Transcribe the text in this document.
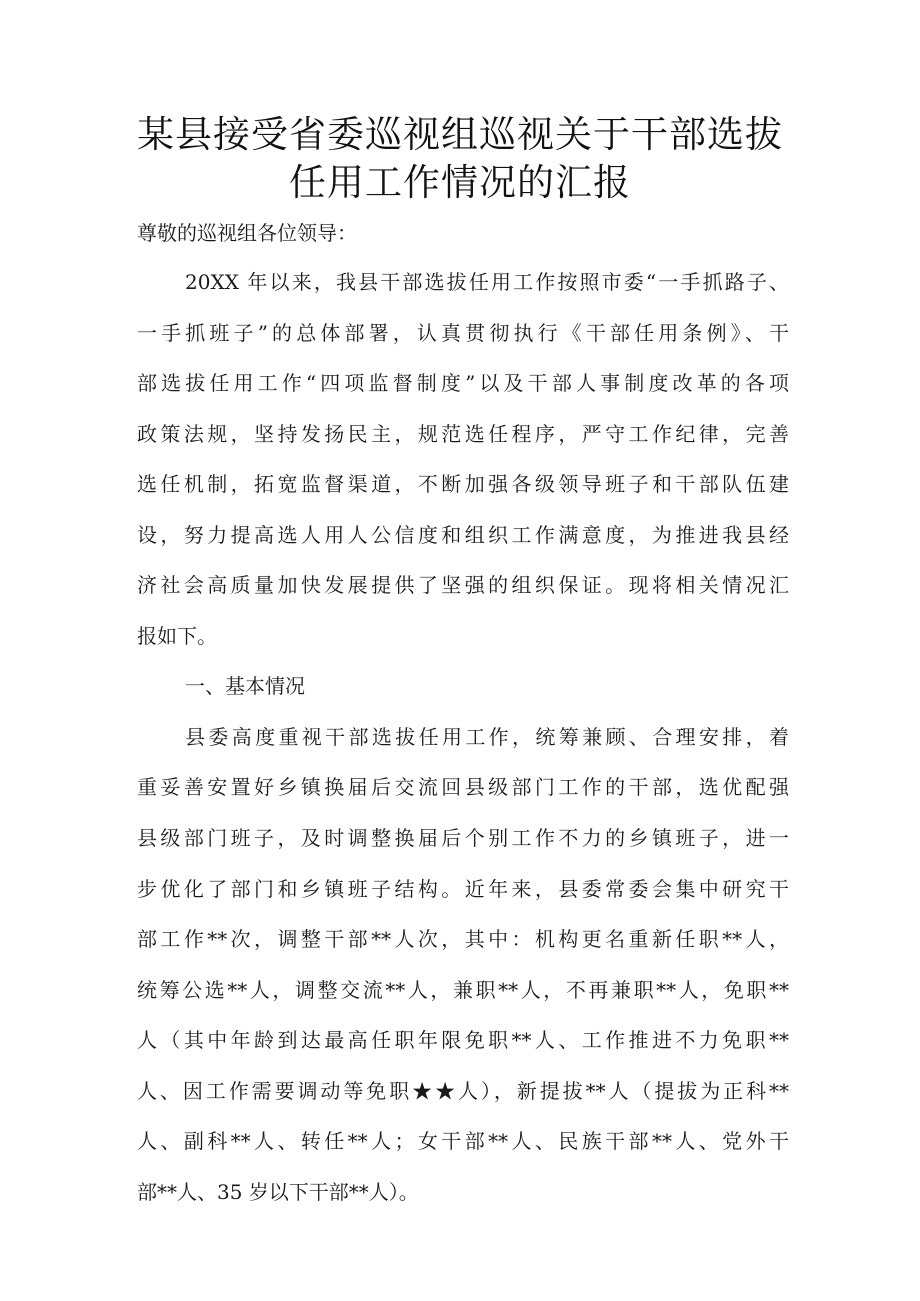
某县接受省委巡视组巡视关于干部选拔
任用工作情况的汇报
尊敬的巡视组各位领导：
20XX 年以来，我县干部选拔任用工作按照市委“一手抓路子、
一手抓班子”的总体部署，认真贯彻执行《干部任用条例》、干
部选拔任用工作“四项监督制度”以及干部人事制度改革的各项
政策法规，坚持发扬民主，规范选任程序，严守工作纪律，完善
选任机制，拓宽监督渠道，不断加强各级领导班子和干部队伍建
设，努力提高选人用人公信度和组织工作满意度，为推进我县经
济社会高质量加快发展提供了坚强的组织保证。现将相关情况汇
报如下。
一、基本情况
县委高度重视干部选拔任用工作，统筹兼顾、合理安排，着
重妥善安置好乡镇换届后交流回县级部门工作的干部，选优配强
县级部门班子，及时调整换届后个别工作不力的乡镇班子，进一
步优化了部门和乡镇班子结构。近年来，县委常委会集中研究干
部工作**次，调整干部**人次，其中：机构更名重新任职**人，
统筹公选**人，调整交流**人，兼职**人，不再兼职**人，免职**
人（其中年龄到达最高任职年限免职**人、工作推进不力免职**
人、因工作需要调动等免职★★人），新提拔**人（提拔为正科**
人、副科**人、转任**人；女干部**人、民族干部**人、党外干
部**人、35 岁以下干部**人）。
